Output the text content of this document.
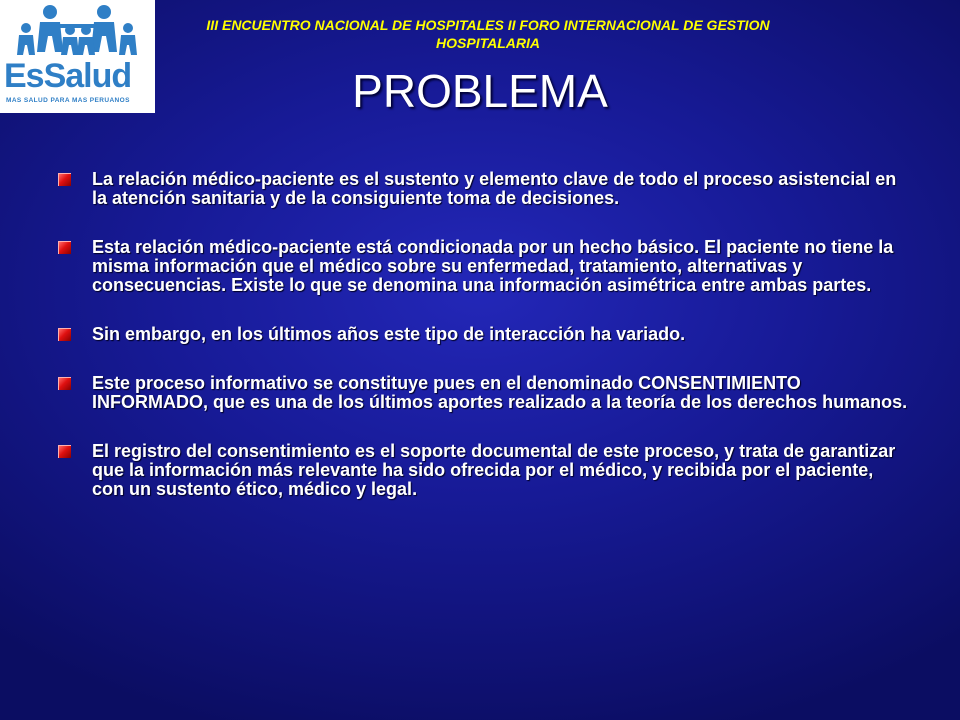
EsSalud
MAS SALUD PARA MAS PERUANOS
III ENCUENTRO NACIONAL DE HOSPITALES II FORO INTERNACIONAL DE GESTION HOSPITALARIA
PROBLEMA
La relación médico-paciente es el sustento y elemento clave de todo el proceso asistencial en la atención sanitaria y de la consiguiente toma de decisiones.
Esta relación médico-paciente está condicionada por un hecho básico. El paciente no tiene la misma información que el médico sobre su enfermedad, tratamiento, alternativas y consecuencias. Existe lo que se denomina una información asimétrica entre ambas partes.
Sin embargo, en los últimos años este tipo de interacción ha variado.
Este proceso informativo se constituye pues en el denominado CONSENTIMIENTO INFORMADO, que es una de los últimos aportes realizado a la teoría de los derechos humanos.
El registro del consentimiento es el soporte documental de este proceso, y trata de garantizar que la información más relevante ha sido ofrecida por el médico, y recibida por el paciente, con un sustento ético, médico y legal.
